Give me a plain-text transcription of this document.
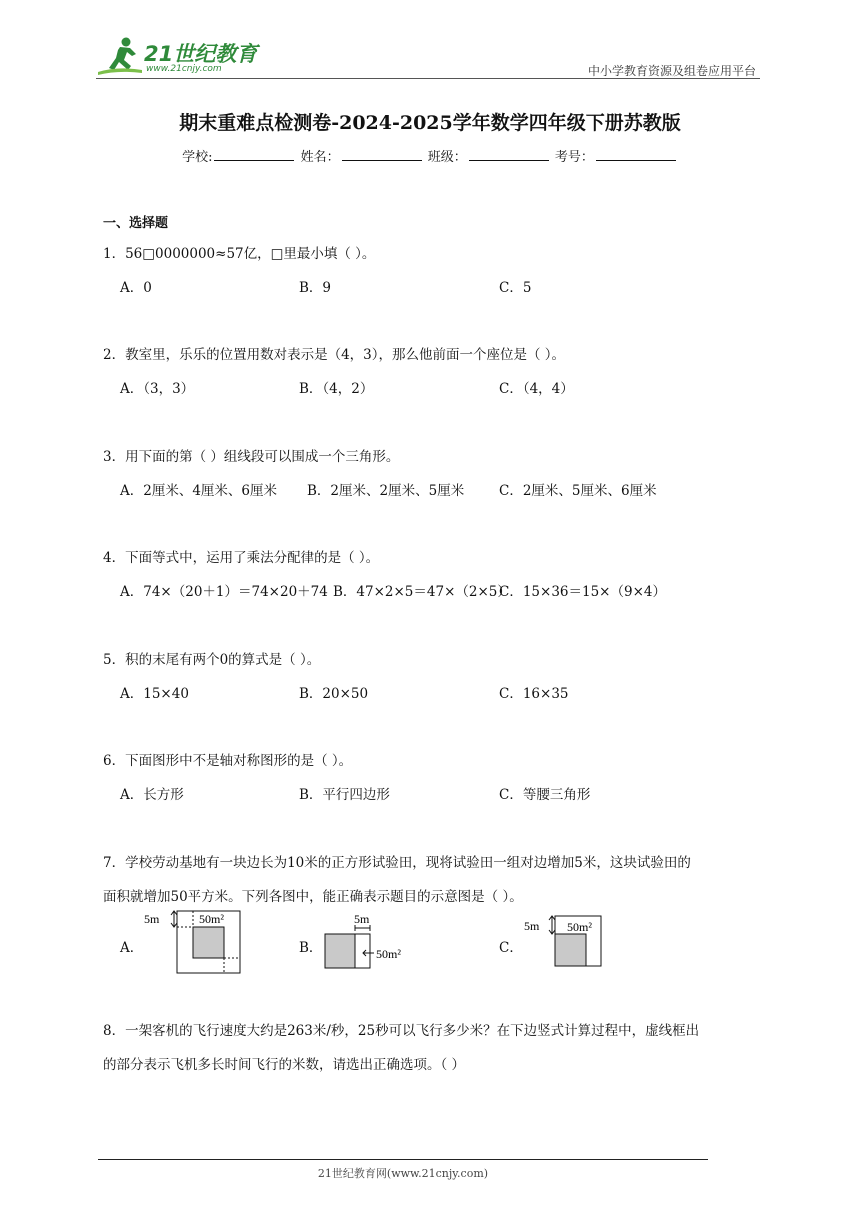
21世纪教育
www.21cnjy.com	中小学教育资源及组卷应用平台
期末重难点检测卷-2024-2025学年数学四年级下册苏教版
学校:	姓名：	班级：	考号：
一、选择题
1．56□0000000≈57亿，□里最小填（ ）。
A．0	B．9	C．5
2．教室里，乐乐的位置用数对表示是（4，3），那么他前面一个座位是（ ）。
A．（3，3）	B．（4，2）	C．（4，4）
3．用下面的第（ ）组线段可以围成一个三角形。
A．2厘米、4厘米、6厘米 B．2厘米、2厘米、5厘米	C．2厘米、5厘米、6厘米
4．下面等式中，运用了乘法分配律的是（ ）。
A．74×（20＋1）＝74×20＋74 B．47×2×5＝47×（2×5）
C．15×36＝15×（9×4）
5．积的末尾有两个0的算式是（ ）。
A．15×40	B．20×50	C．16×35
6．下面图形中不是轴对称图形的是（ ）。
A．长方形	B．平行四边形	C．等腰三角形
7．学校劳动基地有一块边长为10米的正方形试验田，现将试验田一组对边增加5米，这块试验田的
面积就增加50平方米。下列各图中，能正确表示题目的示意图是（ ）。
A．	B．	C．
5m	50m²	5m
50m²
5m 50m²
8．一架客机的飞行速度大约是263米/秒，25秒可以飞行多少米？在下边竖式计算过程中，虚线框出
的部分表示飞机多长时间飞行的米数，请选出正确选项。（ ）
21世纪教育网(www.21cnjy.com)
